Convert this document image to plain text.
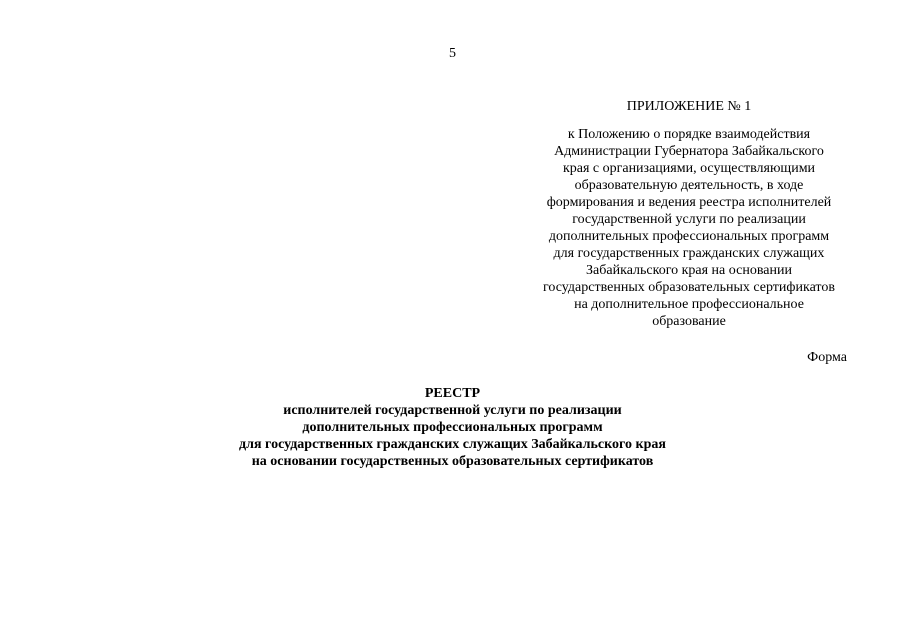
5
ПРИЛОЖЕНИЕ № 1
к Положению о порядке взаимодействия
Администрации Губернатора Забайкальского
края с организациями, осуществляющими
образовательную деятельность, в ходе
формирования и ведения реестра исполнителей
государственной услуги по реализации
дополнительных профессиональных программ
для государственных гражданских служащих
Забайкальского края на основании
государственных образовательных сертификатов
на дополнительное профессиональное
образование
Форма
РЕЕСТР
исполнителей государственной услуги по реализации
дополнительных профессиональных программ
для государственных гражданских служащих Забайкальского края
на основании государственных образовательных сертификатов
